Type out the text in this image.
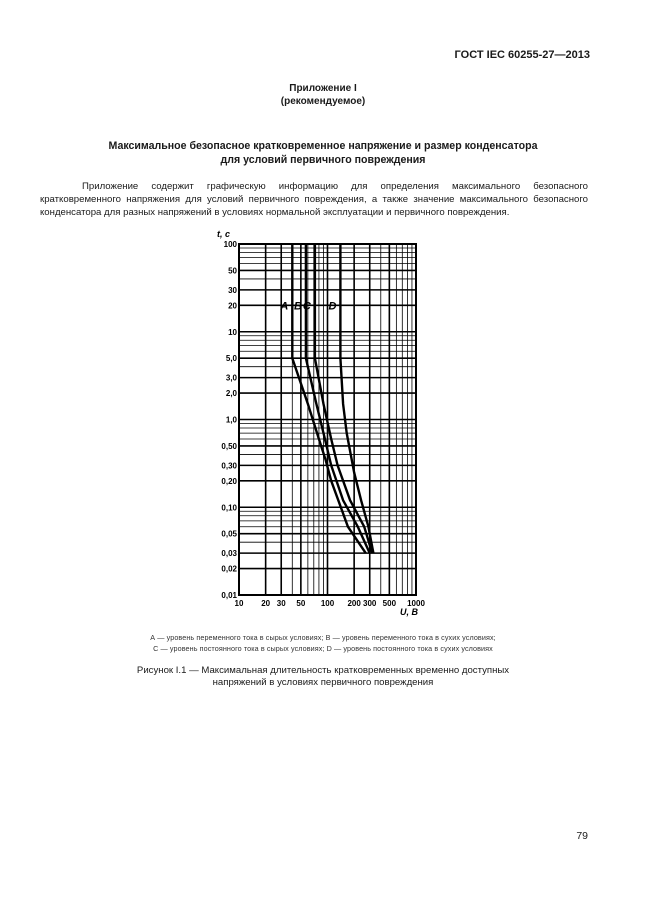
ГОСТ IEC 60255-27—2013
Приложение I
(рекомендуемое)
Максимальное безопасное кратковременное напряжение и размер конденсатора
для условий первичного повреждения

Приложение содержит графическую информацию для определения максимального безопасного кратковременного напряжения для условий первичного повреждения, а также значение максимального безопасного конденсатора для разных напряжений в условиях нормальной эксплуатации и первичного повреждения.

A B C D
10 20 30 50 100 200 300 500 1000
0,01
0,02
0,03
0,05
0,10
0,20
0,30
0,50
1,0
2,0
3,0
5,0
10
20
30
50
100
U, B
t, c
А — уровень переменного тока в сырых условиях; В — уровень переменного тока в сухих условиях;
С — уровень постоянного тока в сырых условиях; D — уровень постоянного тока в сухих условиях
Рисунок I.1 — Максимальная длительность кратковременных временно доступных
напряжений в условиях первичного повреждения
79
